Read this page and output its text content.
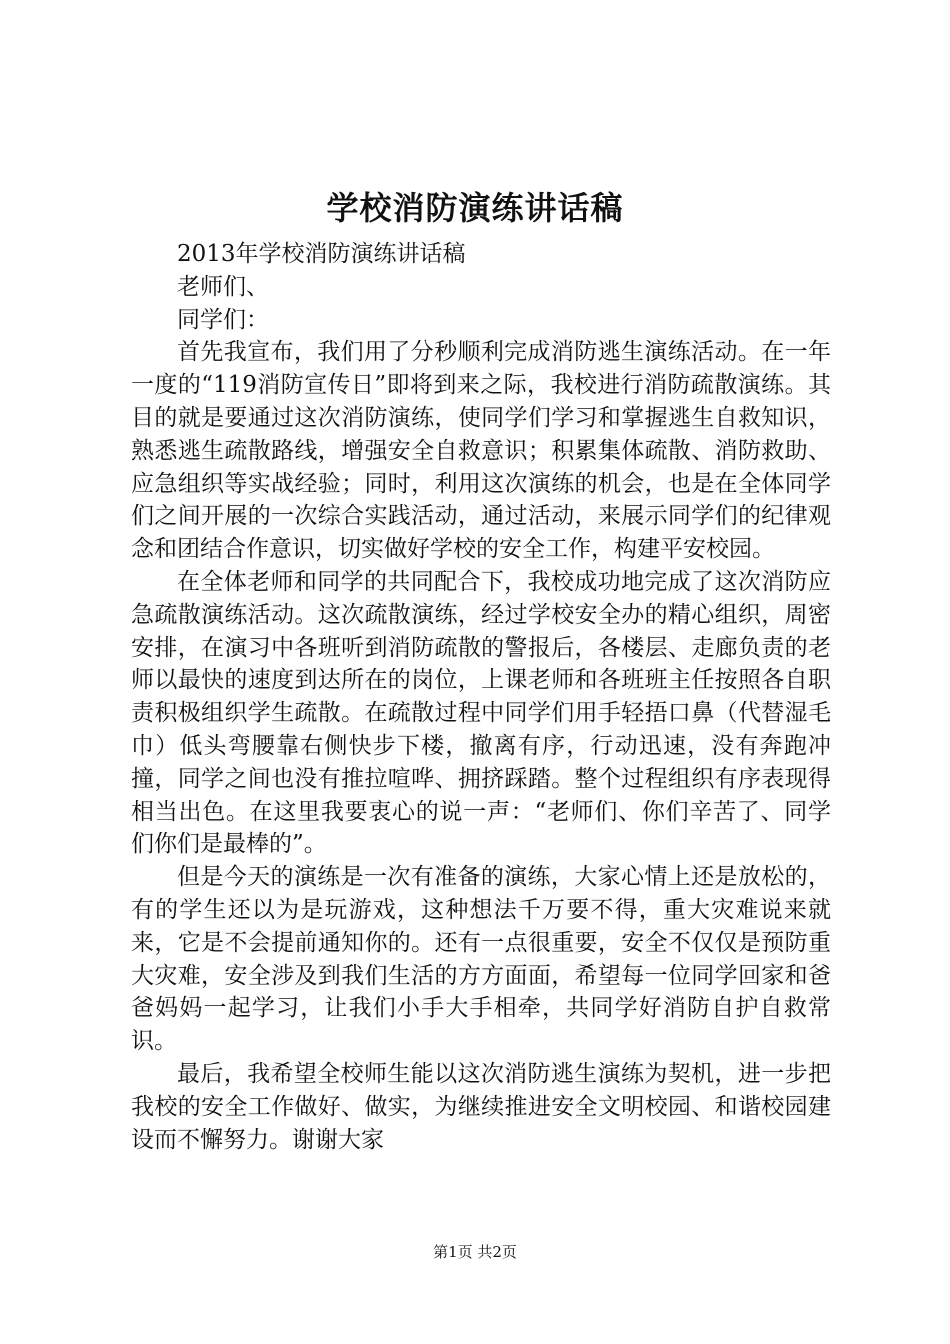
学校消防演练讲话稿

2013年学校消防演练讲话稿

老师们、

同学们：

首先我宣布，我们用了分秒顺利完成消防逃生演练活动。在一年一度的“119消防宣传日”即将到来之际，我校进行消防疏散演练。其目的就是要通过这次消防演练，使同学们学习和掌握逃生自救知识，熟悉逃生疏散路线，增强安全自救意识；积累集体疏散、消防救助、应急组织等实战经验；同时，利用这次演练的机会，也是在全体同学们之间开展的一次综合实践活动，通过活动，来展示同学们的纪律观念和团结合作意识，切实做好学校的安全工作，构建平安校园。

在全体老师和同学的共同配合下，我校成功地完成了这次消防应急疏散演练活动。这次疏散演练，经过学校安全办的精心组织，周密安排，在演习中各班听到消防疏散的警报后，各楼层、走廊负责的老师以最快的速度到达所在的岗位，上课老师和各班班主任按照各自职责积极组织学生疏散。在疏散过程中同学们用手轻捂口鼻（代替湿毛巾）低头弯腰靠右侧快步下楼，撤离有序，行动迅速，没有奔跑冲撞，同学之间也没有推拉喧哗、拥挤踩踏。整个过程组织有序表现得相当出色。在这里我要衷心的说一声：“老师们、你们辛苦了、同学们你们是最棒的”。

但是今天的演练是一次有准备的演练，大家心情上还是放松的，有的学生还以为是玩游戏，这种想法千万要不得，重大灾难说来就来，它是不会提前通知你的。还有一点很重要，安全不仅仅是预防重大灾难，安全涉及到我们生活的方方面面，希望每一位同学回家和爸爸妈妈一起学习，让我们小手大手相牵，共同学好消防自护自救常识。

最后，我希望全校师生能以这次消防逃生演练为契机，进一步把我校的安全工作做好、做实，为继续推进安全文明校园、和谐校园建设而不懈努力。谢谢大家

第1页 共2页
